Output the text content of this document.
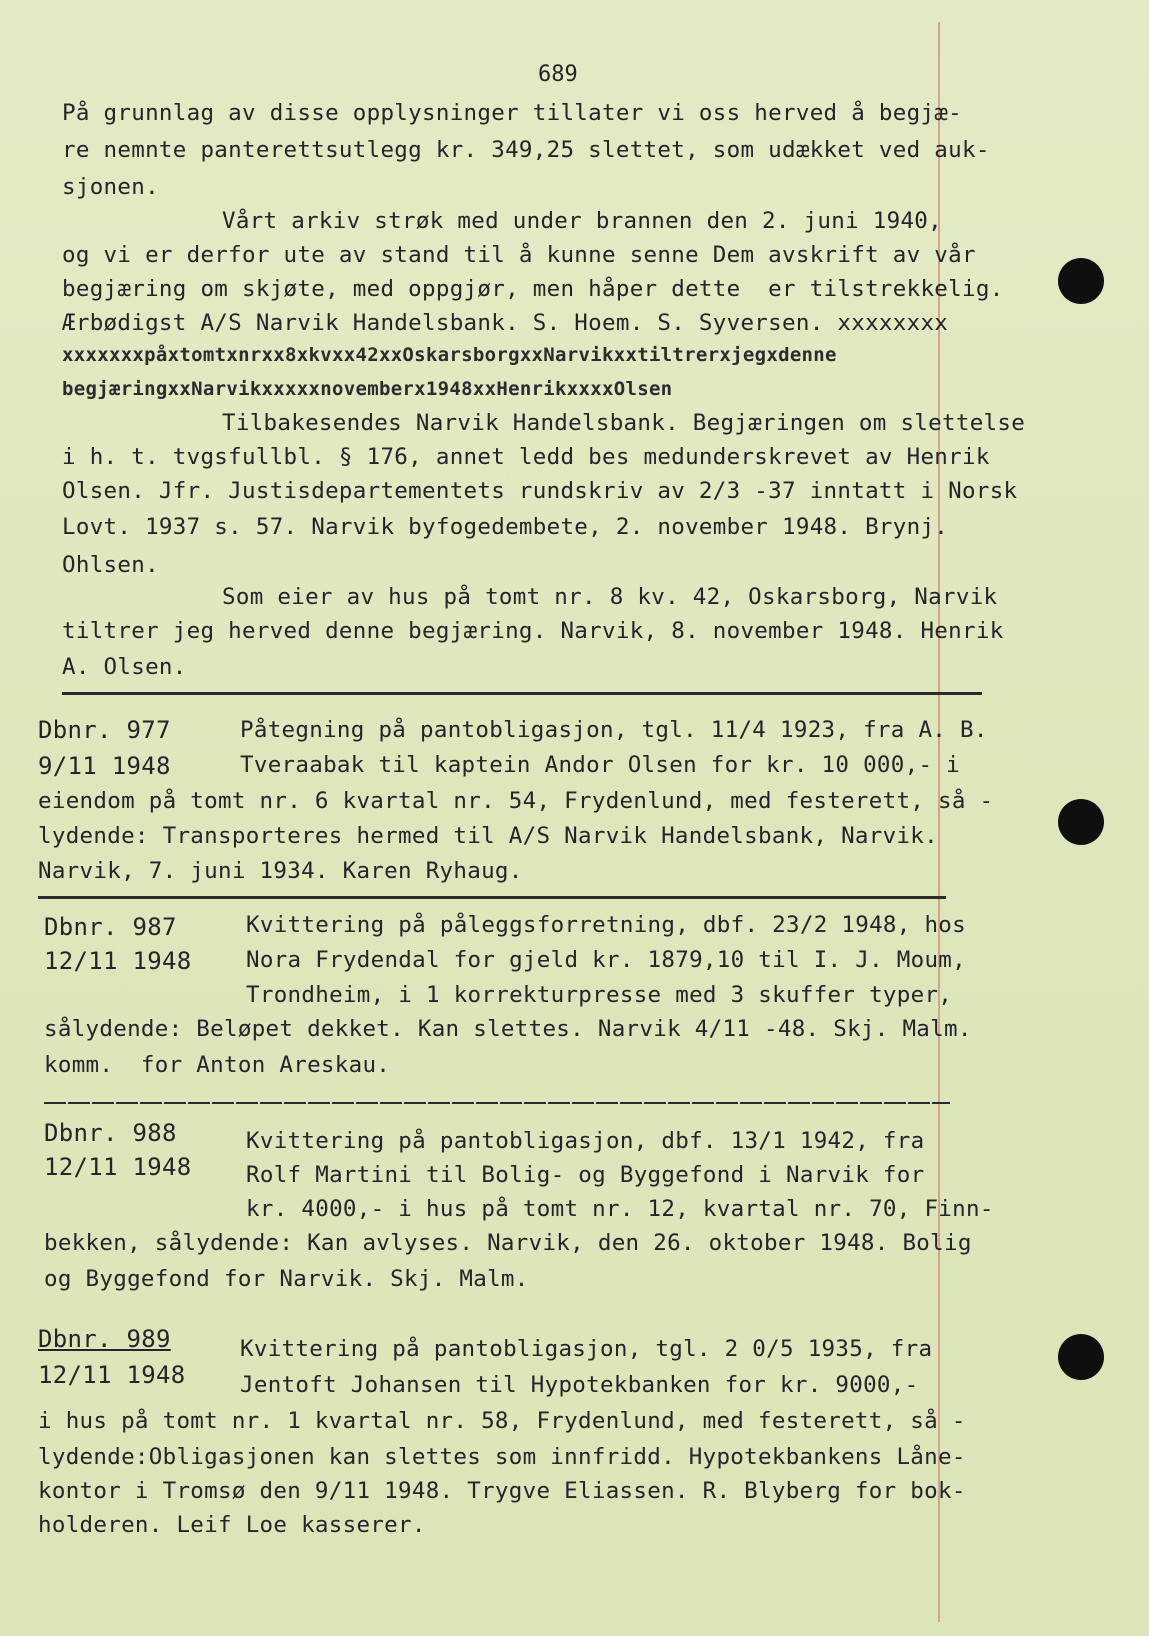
689
På grunnlag av disse opplysninger tillater vi oss herved å begjæ-
re nemnte panterettsutlegg kr. 349,25 slettet, som udækket ved auk-
sjonen.
Vårt arkiv strøk med under brannen den 2. juni 1940,
og vi er derfor ute av stand til å kunne senne Dem avskrift av vår
begjæring om skjøte, med oppgjør, men håper dette  er tilstrekkelig.
Ærbødigst A/S Narvik Handelsbank. S. Hoem. S. Syversen. xxxxxxxx
xxxxxxxpåxtomtxnrxx8xkvxx42xxOskarsborgxxNarvikxxtiltrerxjegxdenne
begjæringxxNarvikxxxxxnovemberx1948xxHenrikxxxxOlsen
Tilbakesendes Narvik Handelsbank. Begjæringen om slettelse
i h. t. tvgsfullbl. § 176, annet ledd bes medunderskrevet av Henrik
Olsen. Jfr. Justisdepartementets rundskriv av 2/3 -37 inntatt i Norsk
Lovt. 1937 s. 57. Narvik byfogedembete, 2. november 1948. Brynj.
Ohlsen.
Som eier av hus på tomt nr. 8 kv. 42, Oskarsborg, Narvik
tiltrer jeg herved denne begjæring. Narvik, 8. november 1948. Henrik
A. Olsen.
Dbnr. 977
9/11 1948
Påtegning på pantobligasjon, tgl. 11/4 1923, fra A. B.
Tveraabak til kaptein Andor Olsen for kr. 10 000,- i
eiendom på tomt nr. 6 kvartal nr. 54, Frydenlund, med festerett, så -
lydende: Transporteres hermed til A/S Narvik Handelsbank, Narvik.
Narvik, 7. juni 1934. Karen Ryhaug.
Dbnr. 987
12/11 1948
Kvittering på påleggsforretning, dbf. 23/2 1948, hos
Nora Frydendal for gjeld kr. 1879,10 til I. J. Moum,
Trondheim, i 1 korrekturpresse med 3 skuffer typer,
sålydende: Beløpet dekket. Kan slettes. Narvik 4/11 -48. Skj. Malm.
komm.  for Anton Areskau.
Dbnr. 988
12/11 1948
Kvittering på pantobligasjon, dbf. 13/1 1942, fra
Rolf Martini til Bolig- og Byggefond i Narvik for
kr. 4000,- i hus på tomt nr. 12, kvartal nr. 70, Finn-
bekken, sålydende: Kan avlyses. Narvik, den 26. oktober 1948. Bolig
og Byggefond for Narvik. Skj. Malm.
Dbnr. 989
12/11 1948
Kvittering på pantobligasjon, tgl. 2 0/5 1935, fra
Jentoft Johansen til Hypotekbanken for kr. 9000,-
i hus på tomt nr. 1 kvartal nr. 58, Frydenlund, med festerett, så -
lydende:Obligasjonen kan slettes som innfridd. Hypotekbankens Låne-
kontor i Tromsø den 9/11 1948. Trygve Eliassen. R. Blyberg for bok-
holderen. Leif Loe kasserer.
